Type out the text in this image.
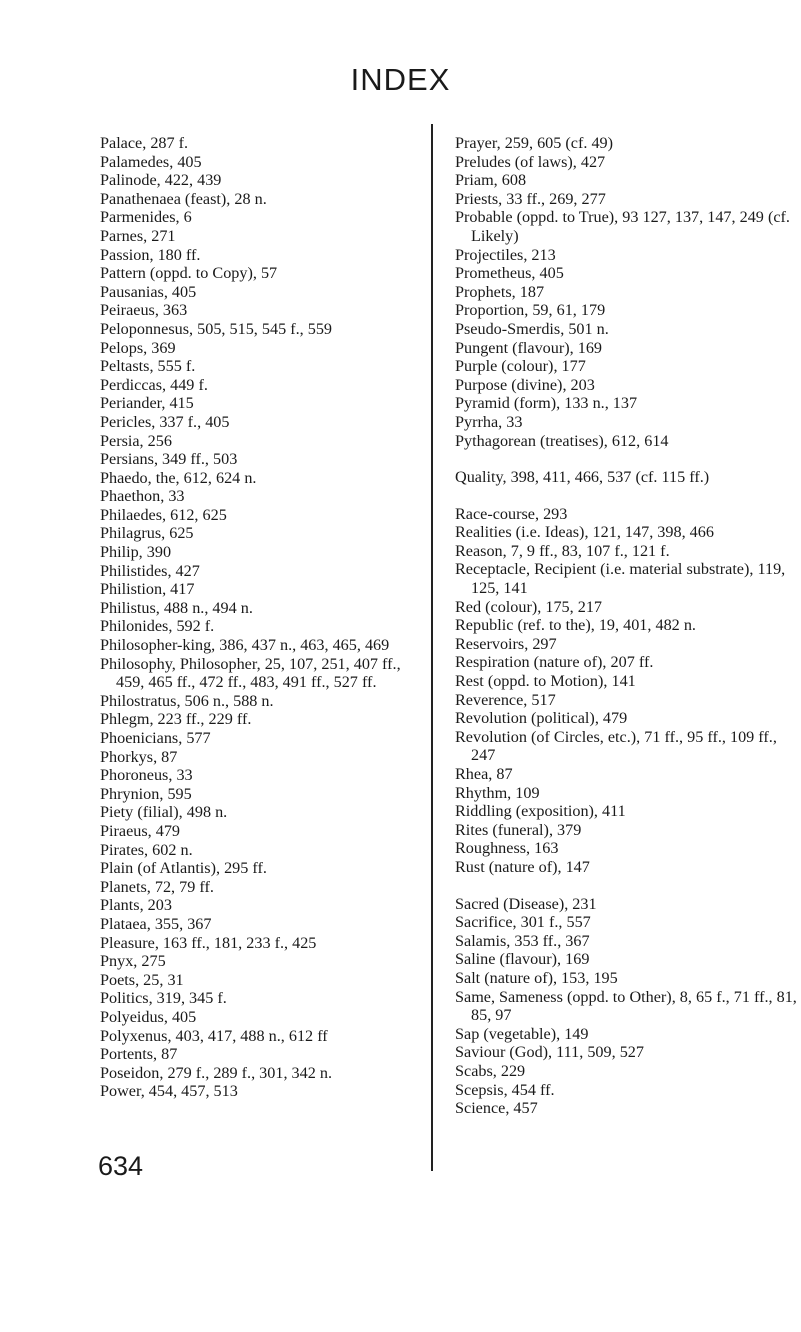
INDEX
Palace, 287 f.
Palamedes, 405
Palinode, 422, 439
Panathenaea (feast), 28 n.
Parmenides, 6
Parnes, 271
Passion, 180 ff.
Pattern (oppd. to Copy), 57
Pausanias, 405
Peiraeus, 363
Peloponnesus, 505, 515, 545 f., 559
Pelops, 369
Peltasts, 555 f.
Perdiccas, 449 f.
Periander, 415
Pericles, 337 f., 405
Persia, 256
Persians, 349 ff., 503
Phaedo, the, 612, 624 n.
Phaethon, 33
Philaedes, 612, 625
Philagrus, 625
Philip, 390
Philistides, 427
Philistion, 417
Philistus, 488 n., 494 n.
Philonides, 592 f.
Philosopher-king, 386, 437 n., 463, 465, 469
Philosophy, Philosopher, 25, 107, 251, 407 ff., 459, 465 ff., 472 ff., 483, 491 ff., 527 ff.
Philostratus, 506 n., 588 n.
Phlegm, 223 ff., 229 ff.
Phoenicians, 577
Phorkys, 87
Phoroneus, 33
Phrynion, 595
Piety (filial), 498 n.
Piraeus, 479
Pirates, 602 n.
Plain (of Atlantis), 295 ff.
Planets, 72, 79 ff.
Plants, 203
Plataea, 355, 367
Pleasure, 163 ff., 181, 233 f., 425
Pnyx, 275
Poets, 25, 31
Politics, 319, 345 f.
Polyeidus, 405
Polyxenus, 403, 417, 488 n., 612 ff
Portents, 87
Poseidon, 279 f., 289 f., 301, 342 n.
Power, 454, 457, 513
Prayer, 259, 605 (cf. 49)
Preludes (of laws), 427
Priam, 608
Priests, 33 ff., 269, 277
Probable (oppd. to True), 93 127, 137, 147, 249 (cf. Likely)
Projectiles, 213
Prometheus, 405
Prophets, 187
Proportion, 59, 61, 179
Pseudo-Smerdis, 501 n.
Pungent (flavour), 169
Purple (colour), 177
Purpose (divine), 203
Pyramid (form), 133 n., 137
Pyrrha, 33
Pythagorean (treatises), 612, 614
Quality, 398, 411, 466, 537 (cf. 115 ff.)
Race-course, 293
Realities (i.e. Ideas), 121, 147, 398, 466
Reason, 7, 9 ff., 83, 107 f., 121 f.
Receptacle, Recipient (i.e. material substrate), 119, 125, 141
Red (colour), 175, 217
Republic (ref. to the), 19, 401, 482 n.
Reservoirs, 297
Respiration (nature of), 207 ff.
Rest (oppd. to Motion), 141
Reverence, 517
Revolution (political), 479
Revolution (of Circles, etc.), 71 ff., 95 ff., 109 ff., 247
Rhea, 87
Rhythm, 109
Riddling (exposition), 411
Rites (funeral), 379
Roughness, 163
Rust (nature of), 147
Sacred (Disease), 231
Sacrifice, 301 f., 557
Salamis, 353 ff., 367
Saline (flavour), 169
Salt (nature of), 153, 195
Same, Sameness (oppd. to Other), 8, 65 f., 71 ff., 81, 85, 97
Sap (vegetable), 149
Saviour (God), 111, 509, 527
Scabs, 229
Scepsis, 454 ff.
Science, 457
634
